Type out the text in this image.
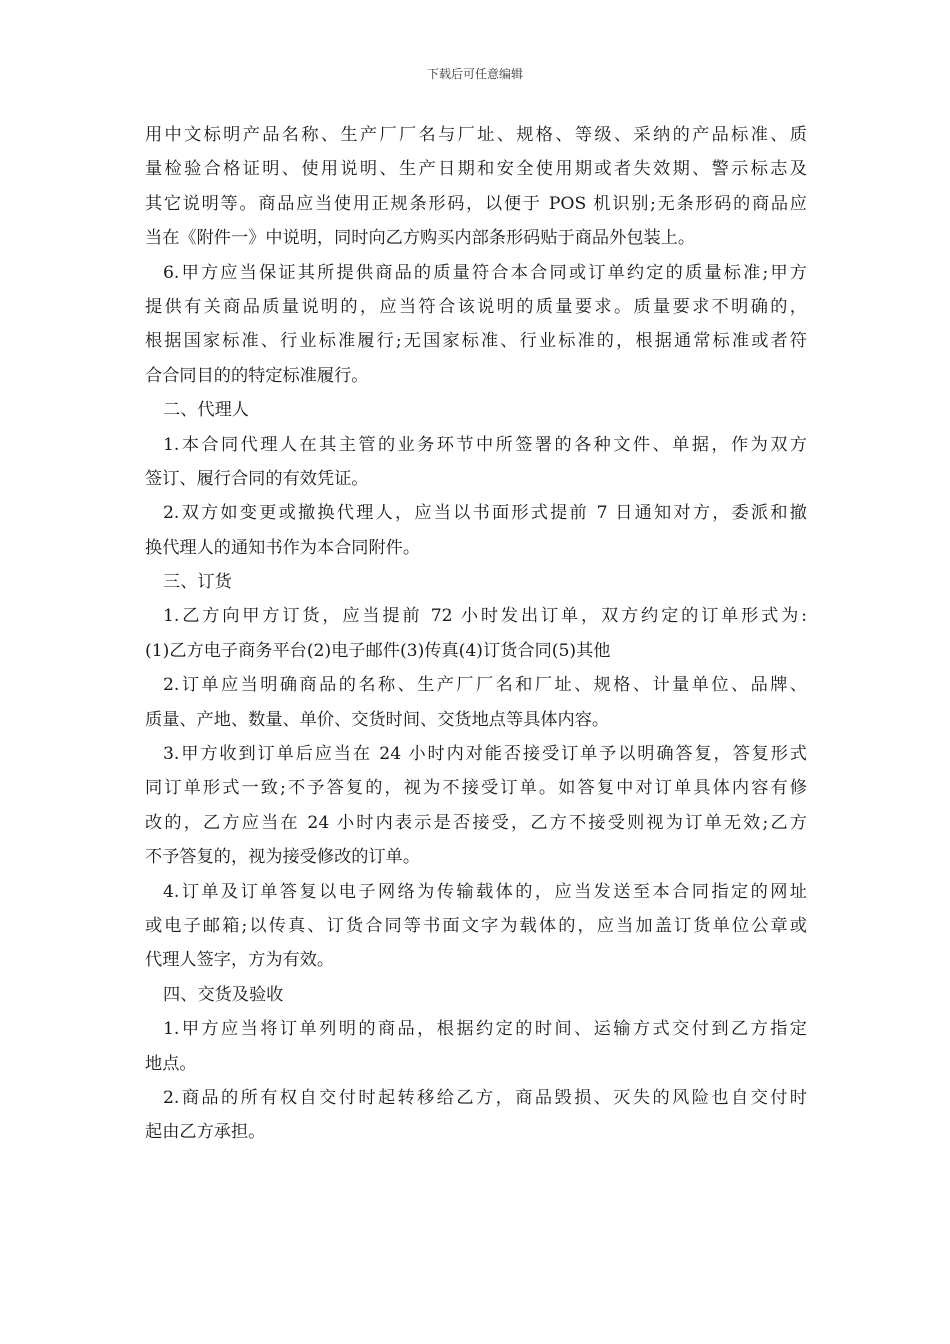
下载后可任意编辑
用中文标明产品名称、生产厂厂名与厂址、规格、等级、采纳的产品标准、质
量检验合格证明、使用说明、生产日期和安全使用期或者失效期、警示标志及
其它说明等。商品应当使用正规条形码，以便于 POS 机识别;无条形码的商品应
当在《附件一》中说明，同时向乙方购买内部条形码贴于商品外包装上。
6.甲方应当保证其所提供商品的质量符合本合同或订单约定的质量标准;甲方
提供有关商品质量说明的，应当符合该说明的质量要求。质量要求不明确的，
根据国家标准、行业标准履行;无国家标准、行业标准的，根据通常标准或者符
合合同目的的特定标准履行。
二、代理人
1.本合同代理人在其主管的业务环节中所签署的各种文件、单据，作为双方
签订、履行合同的有效凭证。
2.双方如变更或撤换代理人，应当以书面形式提前 7 日通知对方，委派和撤
换代理人的通知书作为本合同附件。
三、订货
1.乙方向甲方订货，应当提前 72 小时发出订单，双方约定的订单形式为:
(1)乙方电子商务平台(2)电子邮件(3)传真(4)订货合同(5)其他
2.订单应当明确商品的名称、生产厂厂名和厂址、规格、计量单位、品牌、
质量、产地、数量、单价、交货时间、交货地点等具体内容。
3.甲方收到订单后应当在 24 小时内对能否接受订单予以明确答复，答复形式
同订单形式一致;不予答复的，视为不接受订单。如答复中对订单具体内容有修
改的，乙方应当在 24 小时内表示是否接受，乙方不接受则视为订单无效;乙方
不予答复的，视为接受修改的订单。
4.订单及订单答复以电子网络为传输载体的，应当发送至本合同指定的网址
或电子邮箱;以传真、订货合同等书面文字为载体的，应当加盖订货单位公章或
代理人签字，方为有效。
四、交货及验收
1.甲方应当将订单列明的商品，根据约定的时间、运输方式交付到乙方指定
地点。
2.商品的所有权自交付时起转移给乙方，商品毁损、灭失的风险也自交付时
起由乙方承担。
